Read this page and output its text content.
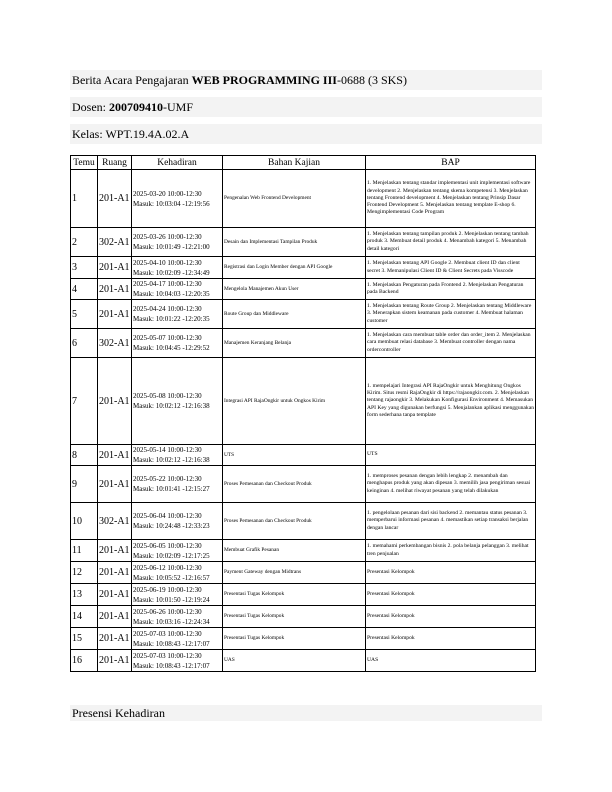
Berita Acara Pengajaran WEB PROGRAMMING III-0688 (3 SKS)
Dosen: 200709410-UMF
Kelas: WPT.19.4A.02.A
Temu	Ruang	Kehadiran	Bahan Kajian	BAP
1	201-A1	2025-03-20 10:00-12:30
Masuk: 10:03:04 -12:19:56	Pengenalan Web Frontend Development	1. Menjelaskan tentang standar implementasi unit implementasi software development 2. Menjelaskan tentang skema kompetensi 3. Menjelaskan tentang Frontend development 4. Menjelaskan tentang Prinsip Dasar Frontend Development 5. Menjelaskan tentang template E-shop 6. Mengimplementasi Code Program
2	302-A1	2025-03-26 10:00-12:30
Masuk: 10:01:49 -12:21:00	Desain dan Implementasi Tampilan Produk	1. Menjelaskan tentang tampilan produk 2. Menjelaskan tentang tambah produk 3. Membuat detail produk 4. Menambah kategori 5. Menambah detail kategori
3	201-A1	2025-04-10 10:00-12:30
Masuk: 10:02:09 -12:34:49	Registrasi dan Login Member dengan API Google	1. Menjelaskan tentang API Google 2. Membuat client ID dan client secret 3. Memanipulasi Client ID & Client Secrets pada Visscode
4	201-A1	2025-04-17 10:00-12:30
Masuk: 10:04:03 -12:20:35	Mengelola Manajemen Akun User	1. Menjelaskan Pengaturan pada Frontend 2. Menjelaskan Pengaturan pada Backend
5	201-A1	2025-04-24 10:00-12:30
Masuk: 10:01:22 -12:20:35	Route Group dan Middleware	1. Menjelaskan tentang Route Group 2. Menjelaskan tentang Middleware 3. Menerapkan sistem keamanan pada customer 4. Membuat halaman customer
6	302-A1	2025-05-07 10:00-12:30
Masuk: 10:04:45 -12:29:52	Manajemen Keranjang Belanja	1. Menjelaskan cara membuat table order dan order_item 2. Menjelaskan cara membuat relasi database 3. Membuat controller dengan nama ordercontroller
7	201-A1	2025-05-08 10:00-12:30
Masuk: 10:02:12 -12:16:38	Integrasi API RajaOngkir untuk Ongkos Kirim	1. mempelajari Integrasi API RajaOngkir untuk Menghitung Ongkos Kirim. Situs resmi RajaOngkir di https://rajaongkir.com. 2. Menjelaskan tentang rajaongkir 3. Melakukan Konfigurasi Environment 4. Memasukan API Key yang digunakan berfungsi 5. Menjalankan aplikasi menggunakan form sederhana tanpa template
8	201-A1	2025-05-14 10:00-12:30
Masuk: 10:02:12 -12:16:38	UTS	UTS
9	201-A1	2025-05-22 10:00-12:30
Masuk: 10:01:41 -12:15:27	Proses Pemesanan dan Checkout Produk	1. memproses pesanan dengan lebih lengkap 2. menambah dan menghapus produk yang akan dipesan 3. memilih jasa pengiriman sesuai keinginan 4. melihat riwayat pesanan yang telah dilakukan
10	302-A1	2025-06-04 10:00-12:30
Masuk: 10:24:48 -12:33:23	Proses Pemesanan dan Checkout Produk	1. pengelolaan pesanan dari sisi backend 2. memantau status pesanan 3. memperbarui informasi pesanan 4. memastikan setiap transaksi berjalan dengan lancar
11	201-A1	2025-06-05 10:00-12:30
Masuk: 10:02:09 -12:17:25	Membuat Grafik Pesanan	1. memahami perkembangan bisnis 2. pola belanja pelanggan 3. melihat tren penjualan
12	201-A1	2025-06-12 10:00-12:30
Masuk: 10:05:52 -12:16:57	Payment Gateway dengan Midtrans	Presentasi Kelompok
13	201-A1	2025-06-19 10:00-12:30
Masuk: 10:01:50 -12:19:24	Presentasi Tugas Kelompok	Presentasi Kelompok
14	201-A1	2025-06-26 10:00-12:30
Masuk: 10:03:16 -12:24:34	Presentasi Tugas Kelompok	Presentasi Kelompok
15	201-A1	2025-07-03 10:00-12:30
Masuk: 10:08:43 -12:17:07	Presentasi Tugas Kelompok	Presentasi Kelompok
16	201-A1	2025-07-03 10:00-12:30
Masuk: 10:08:43 -12:17:07	UAS	UAS
Presensi Kehadiran
